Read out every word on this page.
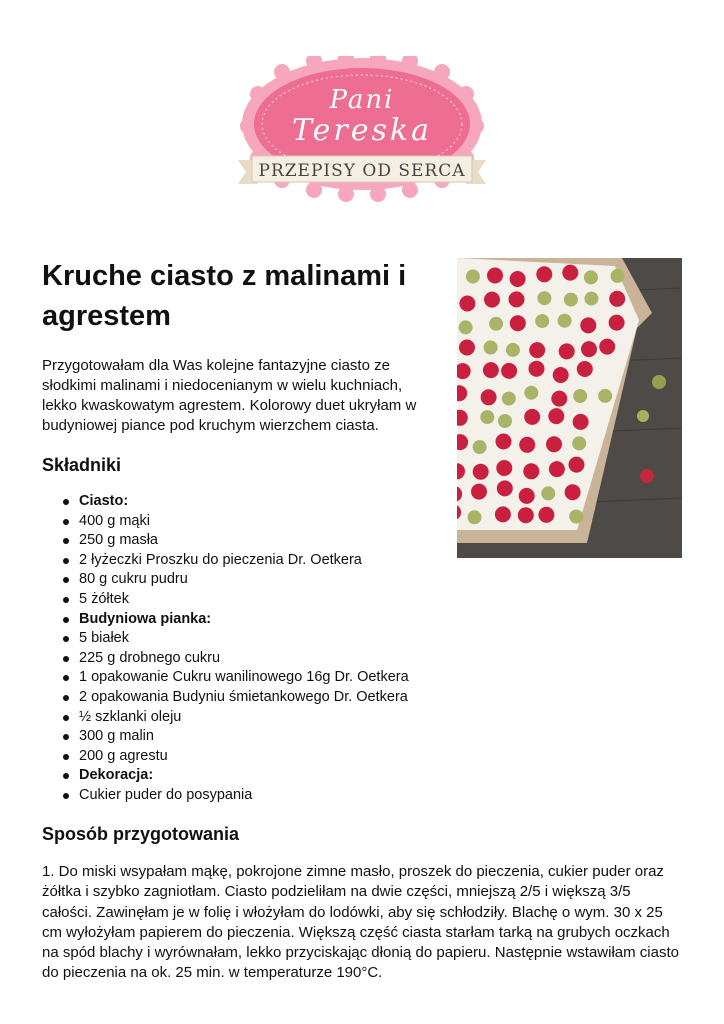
Pani
Tereska
PRZEPISY OD SERCA
Kruche ciasto z malinami i agrestem

Przygotowałam dla Was kolejne fantazyjne ciasto ze słodkimi malinami i niedocenianym w wielu kuchniach, lekko kwaskowatym agrestem. Kolorowy duet ukryłam w budyniowej piance pod kruchym wierzchem ciasta.

Składniki
Ciasto:
400 g mąki
250 g masła
2 łyżeczki Proszku do pieczenia Dr. Oetkera
80 g cukru pudru
5 żółtek
Budyniowa pianka:
5 białek
225 g drobnego cukru
1 opakowanie Cukru wanilinowego 16g Dr. Oetkera
2 opakowania Budyniu śmietankowego Dr. Oetkera
½ szklanki oleju
300 g malin
200 g agrestu
Dekoracja:
Cukier puder do posypania
Sposób przygotowania

1. Do miski wsypałam mąkę, pokrojone zimne masło, proszek do pieczenia, cukier puder oraz żółtka i szybko zagniotłam. Ciasto podzieliłam na dwie części, mniejszą 2/5 i większą 3/5 całości. Zawinęłam je w folię i włożyłam do lodówki, aby się schłodziły. Blachę o wym. 30 x 25 cm wyłożyłam papierem do pieczenia. Większą część ciasta starłam tarką na grubych oczkach na spód blachy i wyrównałam, lekko przyciskając dłonią do papieru. Następnie wstawiłam ciasto do pieczenia na ok. 25 min. w temperaturze 190°C.
